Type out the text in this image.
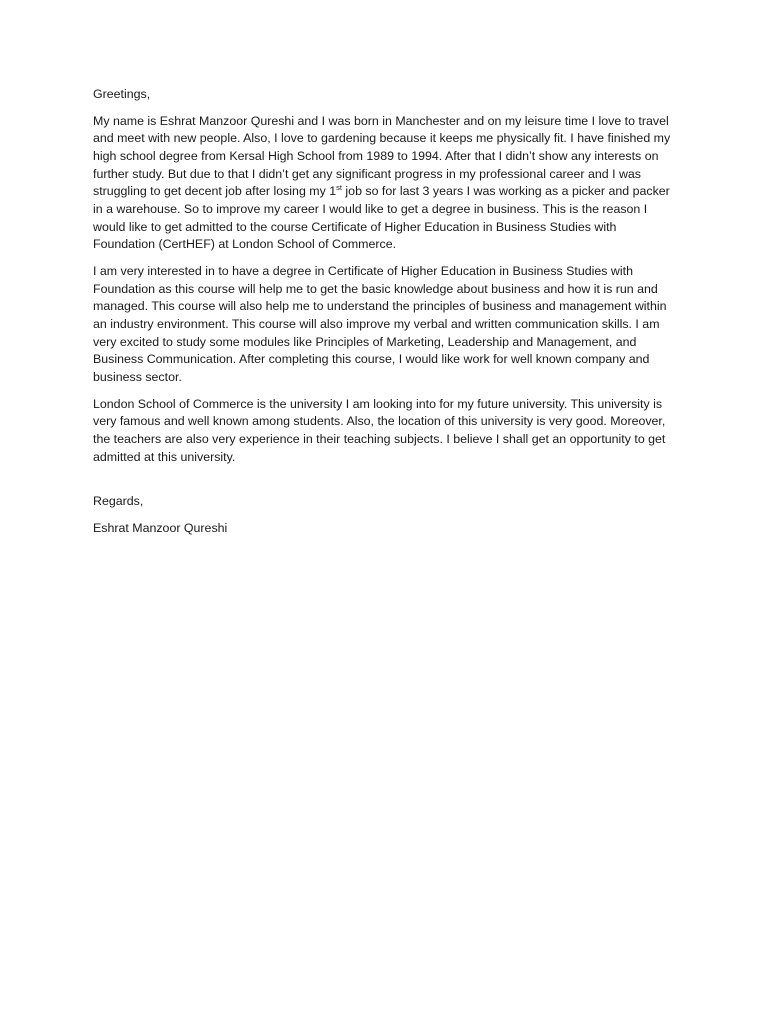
Greetings,

My name is Eshrat Manzoor Qureshi and I was born in Manchester and on my leisure time I love to travel and meet with new people. Also, I love to gardening because it keeps me physically fit. I have finished my high school degree from Kersal High School from 1989 to 1994. After that I didn’t show any interests on further study. But due to that I didn’t get any significant progress in my professional career and I was struggling to get decent job after losing my 1st job so for last 3 years I was working as a picker and packer in a warehouse. So to improve my career I would like to get a degree in business. This is the reason I would like to get admitted to the course Certificate of Higher Education in Business Studies with Foundation (CertHEF) at London School of Commerce.

I am very interested in to have a degree in Certificate of Higher Education in Business Studies with Foundation as this course will help me to get the basic knowledge about business and how it is run and managed. This course will also help me to understand the principles of business and management within an industry environment. This course will also improve my verbal and written communication skills. I am very excited to study some modules like Principles of Marketing, Leadership and Management, and Business Communication. After completing this course, I would like work for well known company and business sector.

London School of Commerce is the university I am looking into for my future university. This university is very famous and well known among students. Also, the location of this university is very good. Moreover, the teachers are also very experience in their teaching subjects. I believe I shall get an opportunity to get admitted at this university.

Regards,

Eshrat Manzoor Qureshi
